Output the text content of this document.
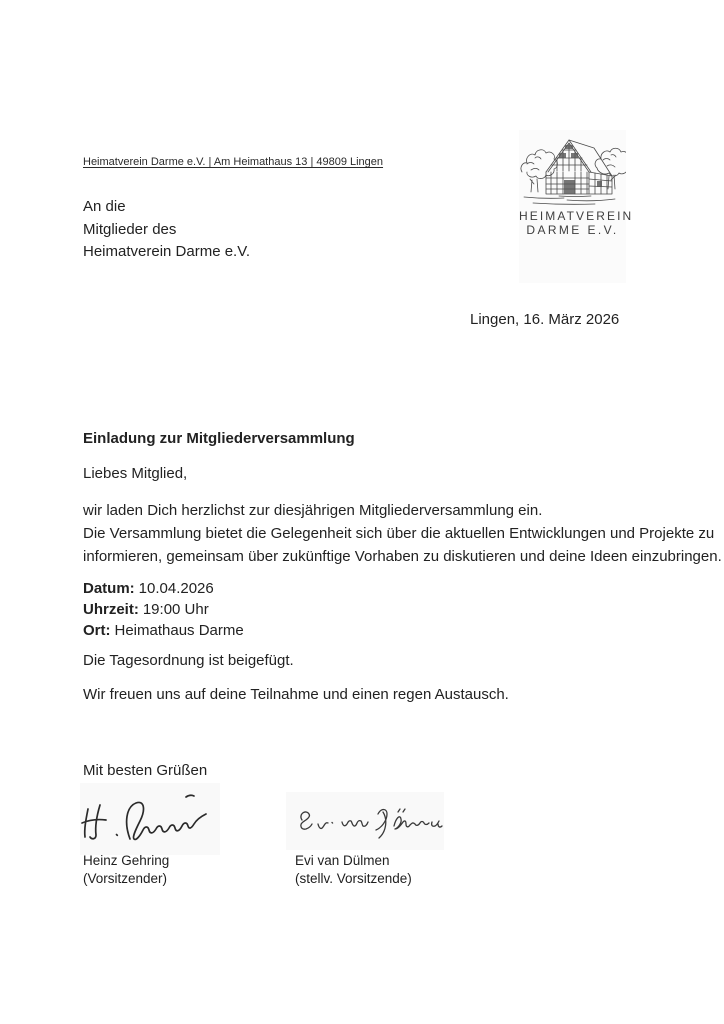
Heimatverein Darme e.V. | Am Heimathaus 13 | 49809 Lingen
An die
Mitglieder des
Heimatverein Darme e.V.
HEIMATVEREIN
DARME E.V.
Lingen, 16. März 2026
Einladung zur Mitgliederversammlung
Liebes Mitglied,
wir laden Dich herzlichst zur diesjährigen Mitgliederversammlung ein.
Die Versammlung bietet die Gelegenheit sich über die aktuellen Entwicklungen und Projekte zu
informieren, gemeinsam über zukünftige Vorhaben zu diskutieren und deine Ideen einzubringen.
Datum: 10.04.2026
Uhrzeit: 19:00 Uhr
Ort: Heimathaus Darme
Die Tagesordnung ist beigefügt.
Wir freuen uns auf deine Teilnahme und einen regen Austausch.
Mit besten Grüßen
Heinz Gehring
(Vorsitzender)
Evi van Dülmen
(stellv. Vorsitzende)
